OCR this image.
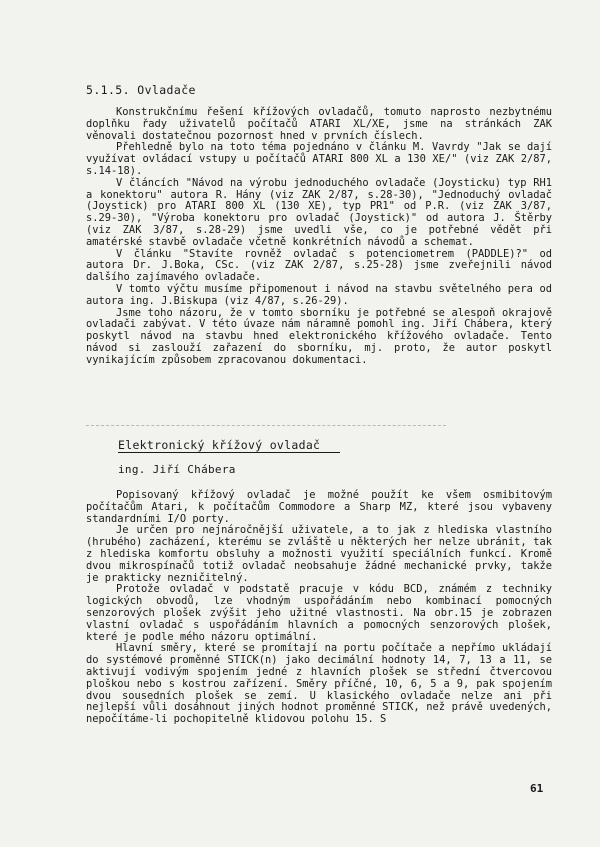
5.1.5. Ovladače

Konstrukčnímu řešení křížových ovladačů, tomuto naprosto nezbytnému doplňku řady uživatelů počítačů ATARI XL/XE, jsme na stránkách ZAK věnovali dostatečnou pozornost hned v prvních číslech.

Přehledně bylo na toto téma pojednáno v článku M. Vavrdy "Jak se dají využívat ovládací vstupy u počítačů ATARI 800 XL a 130 XE/" (viz ZAK 2/87, s.14-18).

V článcích "Návod na výrobu jednoduchého ovladače (Joysticku) typ RH1 a konektoru" autora R. Hány (viz ZAK 2/87, s.28-30), "Jednoduchý ovladač (Joystick) pro ATARI 800 XL (130 XE), typ PR1" od P.R. (viz ZAK 3/87, s.29-30), "Výroba konektoru pro ovladač (Joystick)" od autora J. Štěrby (viz ZAK 3/87, s.28-29) jsme uvedli vše, co je potřebné vědět při amatérské stavbě ovladače včetně konkrétních návodů a schemat.

V článku "Stavíte rovněž ovladač s potenciometrem (PADDLE)?" od autora Dr. J.Boka, CSc. (viz ZAK 2/87, s.25-28) jsme zveřejnili návod dalšího zajímavého ovladače.

V tomto výčtu musíme připomenout i návod na stavbu světelného pera od autora ing. J.Biskupa (viz 4/87, s.26-29).

Jsme toho názoru, že v tomto sborníku je potřebné se alespoň okrajově ovladači zabývat. V této úvaze nám náramně pomohl ing. Jiří Chábera, který poskytl návod na stavbu hned elektronického křížového ovladače. Tento návod si zaslouží zařazení do sborníku, mj. proto, že autor poskytl vynikajícím způsobem zpracovanou dokumentaci.

Elektronický křížový ovladač
ing. Jiří Chábera

Popisovaný křížový ovladač je možné použít ke všem osmibitovým počítačům Atari, k počítačům Commodore a Sharp MZ, které jsou vybaveny standardními I/O porty.

Je určen pro nejnáročnější uživatele, a to jak z hlediska vlastního (hrubého) zacházení, kterému se zvláště u některých her nelze ubránit, tak z hlediska komfortu obsluhy a možnosti využití speciálních funkcí. Kromě dvou mikrospínačů totiž ovladač neobsahuje žádné mechanické prvky, takže je prakticky nezničitelný.

Protože ovladač v podstatě pracuje v kódu BCD, známém z techniky logických obvodů, lze vhodným uspořádáním nebo kombinací pomocných senzorových plošek zvýšit jeho užitné vlastnosti. Na obr.15 je zobrazen vlastní ovladač s uspořádáním hlavních a pomocných senzorových plošek, které je podle mého názoru optimální.

Hlavní směry, které se promítají na portu počítače a nepřímo ukládají do systémové proměnné STICK(n) jako decimální hodnoty 14, 7, 13 a 11, se aktivují vodivým spojením jedné z hlavních plošek se střední čtvercovou ploškou nebo s kostrou zařízení. Směry příčné, 10, 6, 5 a 9, pak spojením dvou sousedních plošek se zemí. U klasického ovladače nelze ani při nejlepší vůli dosáhnout jiných hodnot proměnné STICK, než právě uvedených, nepočítáme-li pochopitelně klidovou polohu 15. S

61
